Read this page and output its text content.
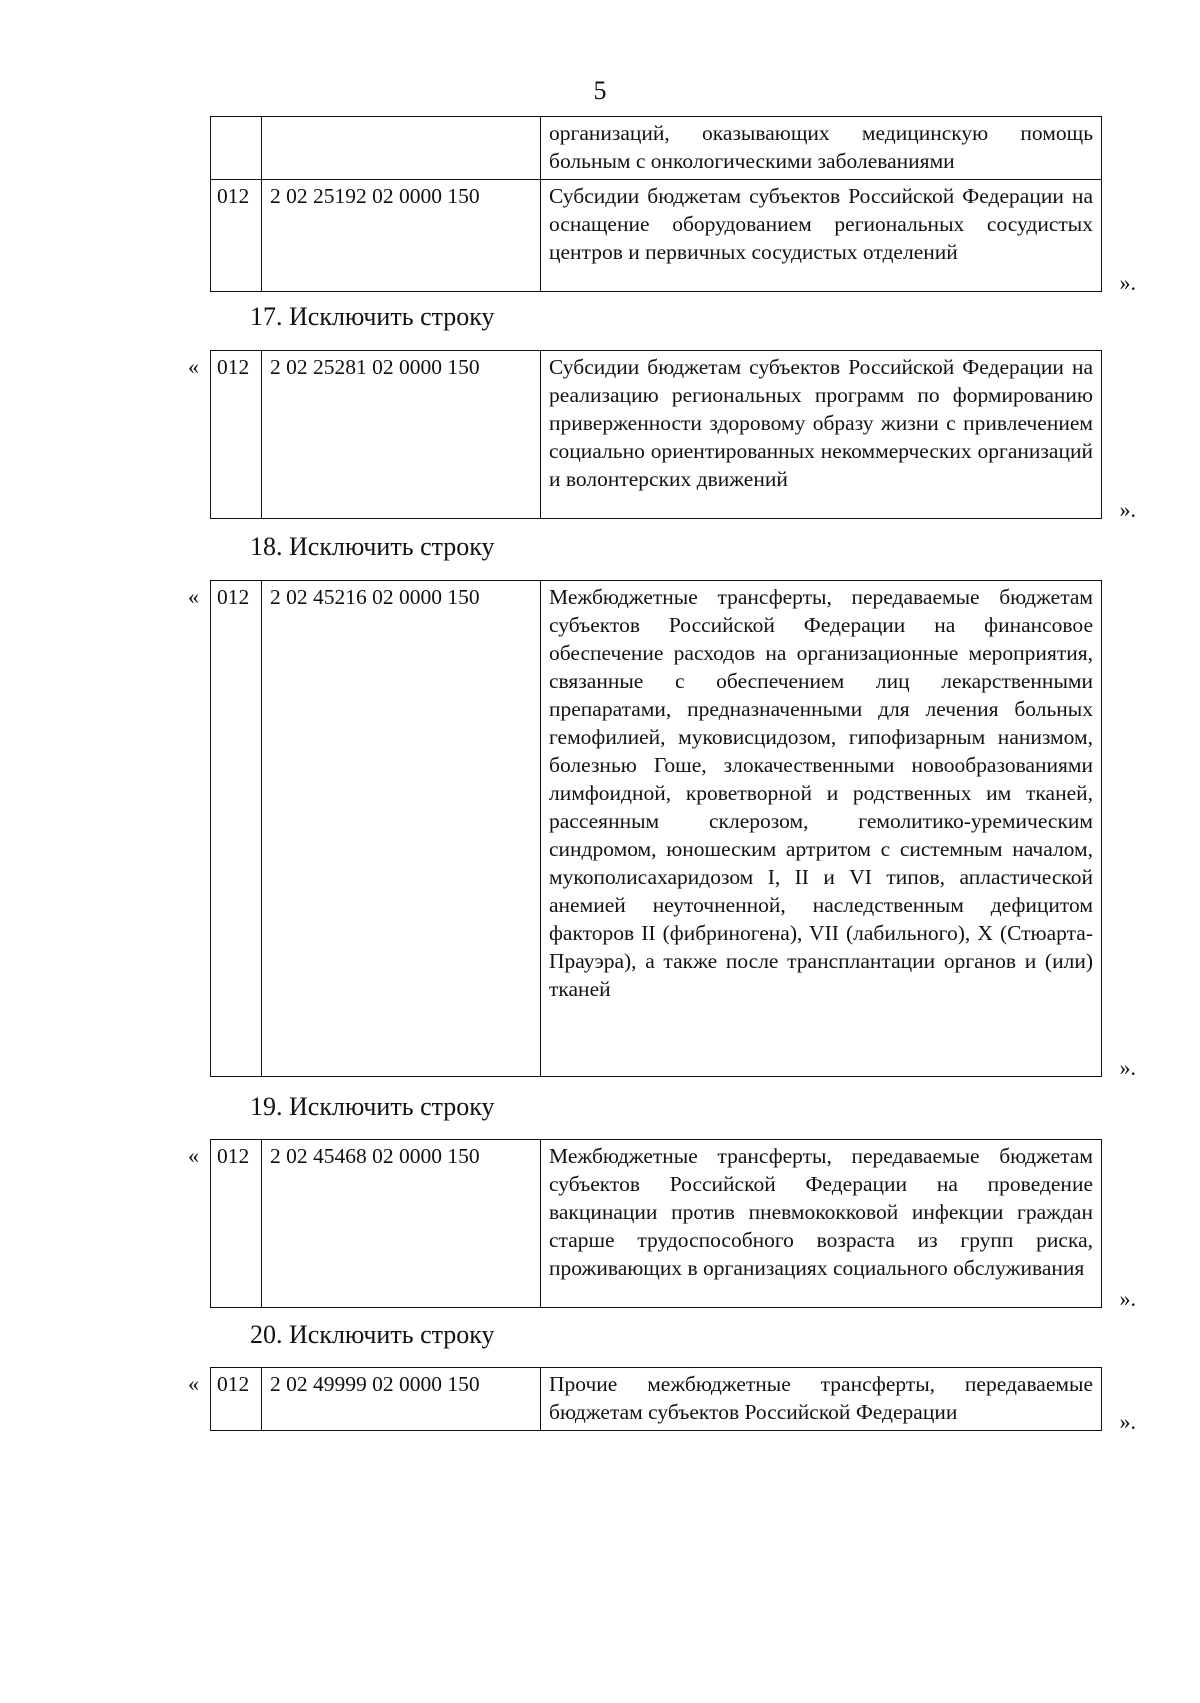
5
		организаций, оказывающих медицинскую помощь больным с онкологическими заболеваниями
012	2 02 25192 02 0000 150	Субсидии бюджетам субъектов Российской Федерации на оснащение оборудованием региональных сосудистых центров и первичных сосудистых отделений
».
17. Исключить строку
« 012	2 02 25281 02 0000 150	Субсидии бюджетам субъектов Российской Федерации на реализацию региональных программ по формированию приверженности здоровому образу жизни с привлечением социально ориентированных некоммерческих организаций и волонтерских движений
».
18. Исключить строку
« 012	2 02 45216 02 0000 150	Межбюджетные трансферты, передаваемые бюджетам субъектов Российской Федерации на финансовое обеспечение расходов на организационные мероприятия, связанные с обеспечением лиц лекарственными препаратами, предназначенными для лечения больных гемофилией, муковисцидозом, гипофизарным нанизмом, болезнью Гоше, злокачественными новообразованиями лимфоидной, кроветворной и родственных им тканей, рассеянным склерозом, гемолитико-уремическим синдромом, юношеским артритом с системным началом, мукополисахаридозом I, II и VI типов, апластической анемией неуточненной, наследственным дефицитом факторов II (фибриногена), VII (лабильного), X (Стюарта-Прауэра), а также после трансплантации органов и (или) тканей
».
19. Исключить строку
« 012	2 02 45468 02 0000 150	Межбюджетные трансферты, передаваемые бюджетам субъектов Российской Федерации на проведение вакцинации против пневмококковой инфекции граждан старше трудоспособного возраста из групп риска, проживающих в организациях социального обслуживания
».
20. Исключить строку
« 012	2 02 49999 02 0000 150	Прочие межбюджетные трансферты, передаваемые бюджетам субъектов Российской Федерации	».
